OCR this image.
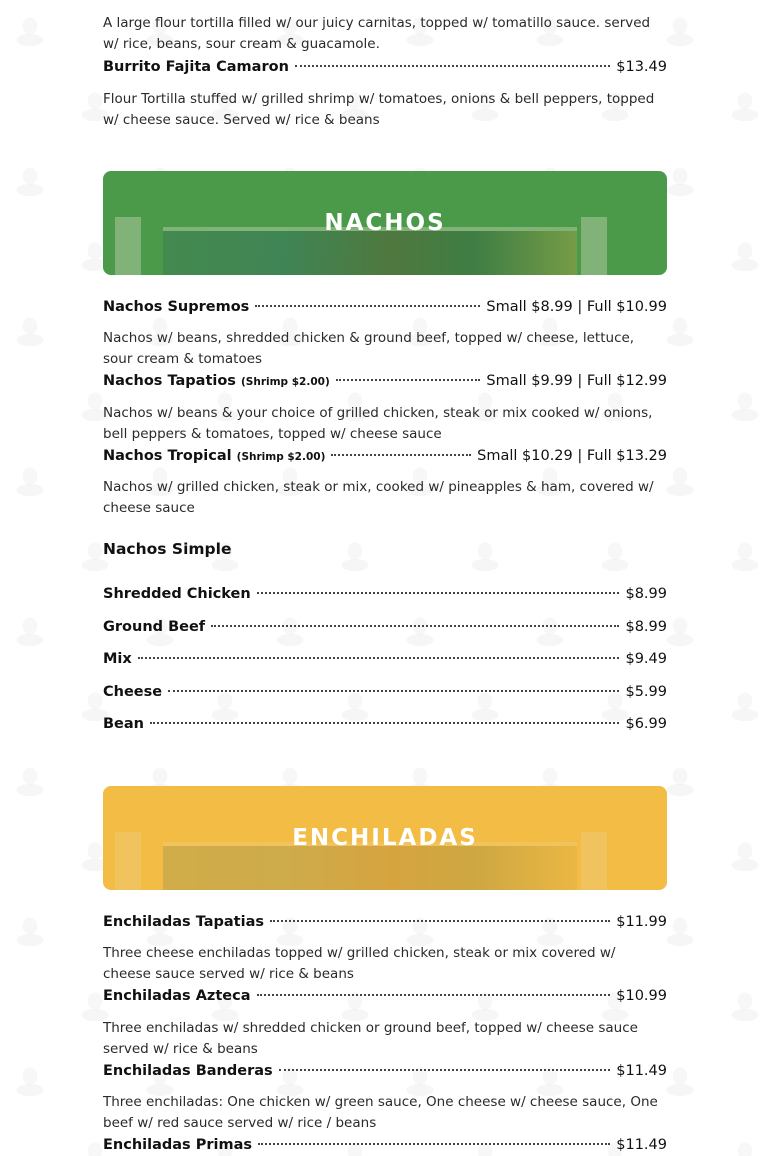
A large flour tortilla filled w/ our juicy carnitas, topped w/ tomatillo sauce. served w/ rice, beans, sour cream & guacamole.

Burrito Fajita Camaron	$13.49

Flour Tortilla stuffed w/ grilled shrimp w/ tomatoes, onions & bell peppers, topped w/ cheese sauce. Served w/ rice & beans

NACHOS
Nachos Supremos	Small $8.99 | Full $10.99

Nachos w/ beans, shredded chicken & ground beef, topped w/ cheese, lettuce, sour cream & tomatoes

Nachos Tapatios (Shrimp $2.00)	Small $9.99 | Full $12.99

Nachos w/ beans & your choice of grilled chicken, steak or mix cooked w/ onions, bell peppers & tomatoes, topped w/ cheese sauce

Nachos Tropical (Shrimp $2.00)	Small $10.29 | Full $13.29

Nachos w/ grilled chicken, steak or mix, cooked w/ pineapples & ham, covered w/ cheese sauce

Nachos Simple
Shredded Chicken	$8.99
Ground Beef	$8.99
Mix	$9.49
Cheese	$5.99
Bean	$6.99
ENCHILADAS
Enchiladas Tapatias	$11.99

Three cheese enchiladas topped w/ grilled chicken, steak or mix covered w/ cheese sauce served w/ rice & beans

Enchiladas Azteca	$10.99

Three enchiladas w/ shredded chicken or ground beef, topped w/ cheese sauce served w/ rice & beans

Enchiladas Banderas	$11.49

Three enchiladas: One chicken w/ green sauce, One cheese w/ cheese sauce, One beef w/ red sauce served w/ rice / beans

Enchiladas Primas	$11.49
